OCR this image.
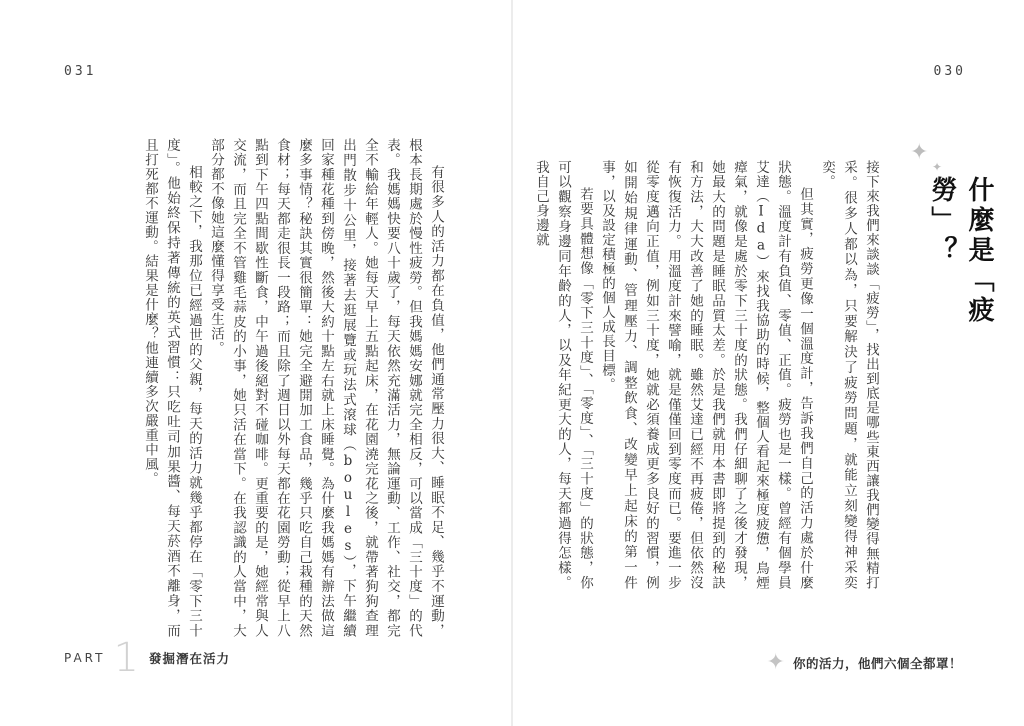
031

有很多人的活力都在負值，他們通常壓力很大、睡眠不足、幾乎不運動，根本長期處於慢性疲勞。但我媽媽安娜就完全相反，可以當成「三十度」的代表。我媽媽快要八十歲了，每天依然充滿活力，無論運動、工作、社交，都完全不輸給年輕人。她每天早上五點起床，在花園澆完花之後，就帶著狗狗查理出門散步十公里，接著去逛展覽或玩法式滾球（boules），下午繼續回家種花種到傍晚，然後大約十點左右就上床睡覺。為什麼我媽媽有辦法做這麼多事情？秘訣其實很簡單：她完全避開加工食品，幾乎只吃自己栽種的天然食材；每天都走很長一段路；而且除了週日以外每天都在花園勞動；從早上八點到下午四點間歇性斷食，中午過後絕對不碰咖啡。更重要的是，她經常與人交流，而且完全不管雞毛蒜皮的小事，她只活在當下。在我認識的人當中，大部分都不像她這麼懂得享受生活。

相較之下，我那位已經過世的父親，每天的活力就幾乎都停在「零下三十度」。他始終保持著傳統的英式習慣：只吃吐司加果醬、每天菸酒不離身，而且打死都不運動。結果是什麼？他連續多次嚴重中風。

PART 1 發掘潛在活力
030

接下來我們來談談「疲勞」，找出到底是哪些東西讓我們變得無精打采。很多人都以為，只要解決了疲勞問題，就能立刻變得神采奕奕。

但其實，疲勞更像一個溫度計，告訴我們自己的活力處於什麼狀態。溫度計有負值、零值、正值。疲勞也是一樣。曾經有個學員艾達（Ida）來找我協助的時候，整個人看起來極度疲憊，鳥煙瘴氣，就像是處於零下三十度的狀態。我們仔細聊了之後才發現，她最大的問題是睡眠品質太差。於是我們就用本書即將提到的秘訣和方法，大大改善了她的睡眠。雖然艾達已經不再疲倦，但依然沒有恢復活力。用溫度計來譬喻，就是僅僅回到零度而已。要進一步從零度邁向正值，例如三十度，她就必須養成更多良好的習慣，例如開始規律運動、管理壓力、調整飲食、改變早上起床的第一件事，以及設定積極的個人成長目標。

若要具體想像「零下三十度」、「零度」、「三十度」的狀態，你可以觀察身邊同年齡的人，以及年紀更大的人，每天都過得怎樣。我自己身邊就

✦
✦
什麼是「疲勞」？
✦ 你的活力，他們六個全都罩！
